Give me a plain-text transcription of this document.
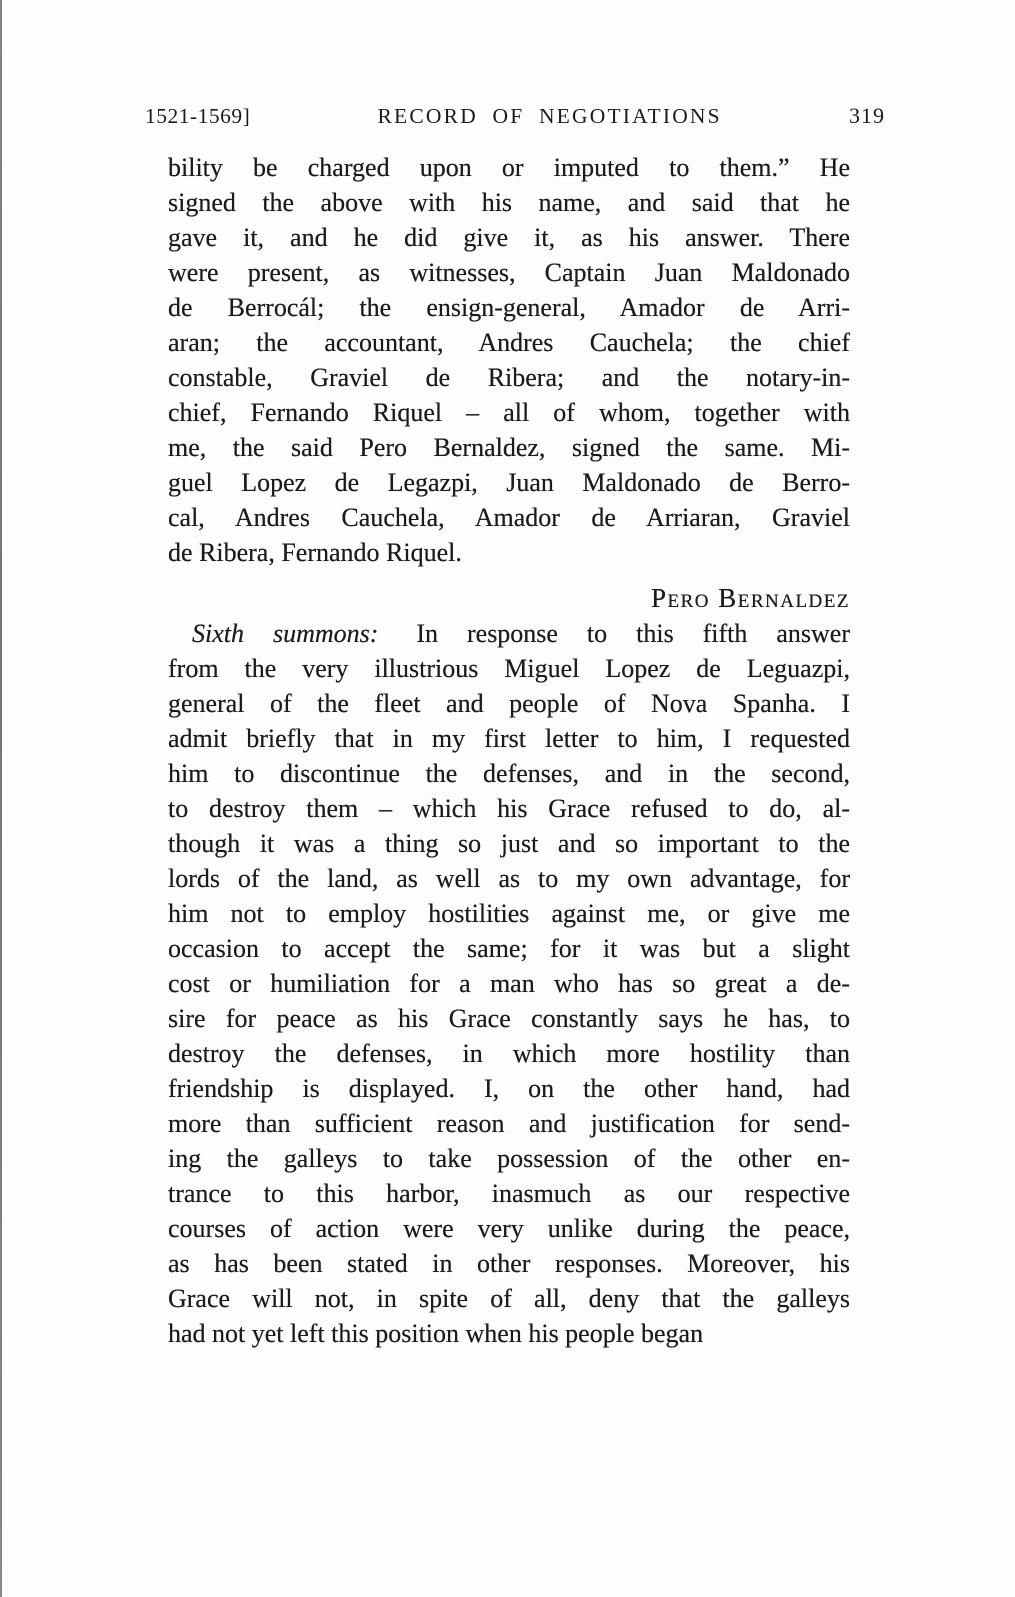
1521-1569]	RECORD OF NEGOTIATIONS	319
bility be charged upon or imputed to them.” He
signed the above with his name, and said that he
gave it, and he did give it, as his answer. There
were present, as witnesses, Captain Juan Maldonado
de Berrocál; the ensign-general, Amador de Arri-
aran; the accountant, Andres Cauchela; the chief
constable, Graviel de Ribera; and the notary-in-
chief, Fernando Riquel – all of whom, together with
me, the said Pero Bernaldez, signed the same. Mi-
guel Lopez de Legazpi, Juan Maldonado de Berro-
cal, Andres Cauchela, Amador de Arriaran, Graviel
de Ribera, Fernando Riquel.
Pero Bernaldez
Sixth summons: In response to this fifth answer
from the very illustrious Miguel Lopez de Leguazpi,
general of the fleet and people of Nova Spanha. I
admit briefly that in my first letter to him, I requested
him to discontinue the defenses, and in the second,
to destroy them – which his Grace refused to do, al-
though it was a thing so just and so important to the
lords of the land, as well as to my own advantage, for
him not to employ hostilities against me, or give me
occasion to accept the same; for it was but a slight
cost or humiliation for a man who has so great a de-
sire for peace as his Grace constantly says he has, to
destroy the defenses, in which more hostility than
friendship is displayed. I, on the other hand, had
more than sufficient reason and justification for send-
ing the galleys to take possession of the other en-
trance to this harbor, inasmuch as our respective
courses of action were very unlike during the peace,
as has been stated in other responses. Moreover, his
Grace will not, in spite of all, deny that the galleys
had not yet left this position when his people began
